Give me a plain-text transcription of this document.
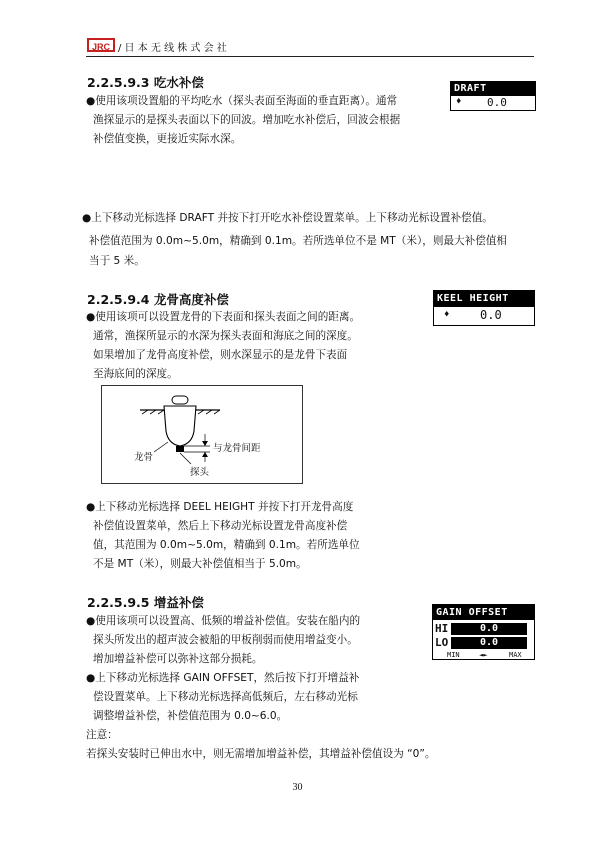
JRC / 日 本 无 线 株 式 会 社
2.2.5.9.3 吃水补偿
●使用该项设置船的平均吃水（探头表面至海面的垂直距离）。通常
渔探显示的是探头表面以下的回波。增加吃水补偿后，回波会根据
补偿值变换，更接近实际水深。
DRAFT
♦ 0.0
●上下移动光标选择 DRAFT 并按下打开吃水补偿设置菜单。上下移动光标设置补偿值。
补偿值范围为 0.0m~5.0m，精确到 0.1m。若所选单位不是 MT（米），则最大补偿值相
当于 5 米。
2.2.5.9.4 龙骨高度补偿
●使用该项可以设置龙骨的下表面和探头表面之间的距离。
通常，渔探所显示的水深为探头表面和海底之间的深度。
如果增加了龙骨高度补偿，则水深显示的是龙骨下表面
至海底间的深度。
KEEL HEIGHT
♦	0.0
与龙骨间距
龙骨
探头
●上下移动光标选择 DEEL HEIGHT 并按下打开龙骨高度
补偿值设置菜单，然后上下移动光标设置龙骨高度补偿
值，其范围为 0.0m~5.0m，精确到 0.1m。若所选单位
不是 MT（米），则最大补偿值相当于 5.0m。
2.2.5.9.5 增益补偿
●使用该项可以设置高、低频的增益补偿值。安装在船内的
探头所发出的超声波会被船的甲板削弱而使用增益变小。
增加增益补偿可以弥补这部分损耗。
●上下移动光标选择 GAIN OFFSET，然后按下打开增益补
偿设置菜单。上下移动光标选择高低频后，左右移动光标
调整增益补偿，补偿值范围为 0.0~6.0。
注意：
若探头安装时已伸出水中，则无需增加增益补偿，其增益补偿值设为 “0”。
GAIN OFFSET
HI	0.0
LO	0.0
MIN	◄►	MAX
30
